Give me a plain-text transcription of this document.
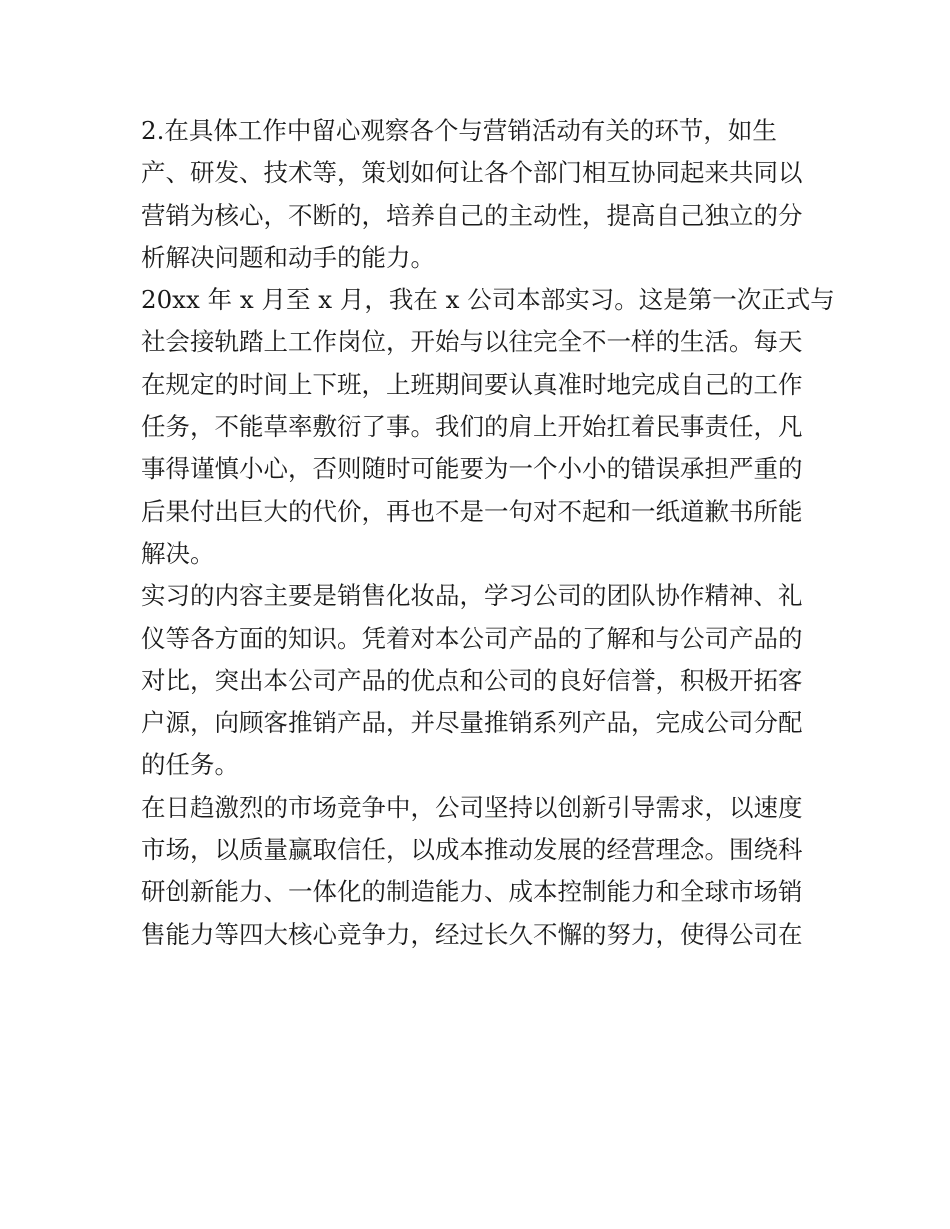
2.在具体工作中留心观察各个与营销活动有关的环节，如生
产、研发、技术等，策划如何让各个部门相互协同起来共同以
营销为核心，不断的，培养自己的主动性，提高自己独立的分
析解决问题和动手的能力。
20xx 年 x 月至 x 月，我在 x 公司本部实习。这是第一次正式与
社会接轨踏上工作岗位，开始与以往完全不一样的生活。每天
在规定的时间上下班，上班期间要认真准时地完成自己的工作
任务，不能草率敷衍了事。我们的肩上开始扛着民事责任，凡
事得谨慎小心，否则随时可能要为一个小小的错误承担严重的
后果付出巨大的代价，再也不是一句对不起和一纸道歉书所能
解决。
实习的内容主要是销售化妆品，学习公司的团队协作精神、礼
仪等各方面的知识。凭着对本公司产品的了解和与公司产品的
对比，突出本公司产品的优点和公司的良好信誉，积极开拓客
户源，向顾客推销产品，并尽量推销系列产品，完成公司分配
的任务。
在日趋激烈的市场竞争中，公司坚持以创新引导需求，以速度
市场，以质量赢取信任，以成本推动发展的经营理念。围绕科
研创新能力、一体化的制造能力、成本控制能力和全球市场销
售能力等四大核心竞争力，经过长久不懈的努力，使得公司在
